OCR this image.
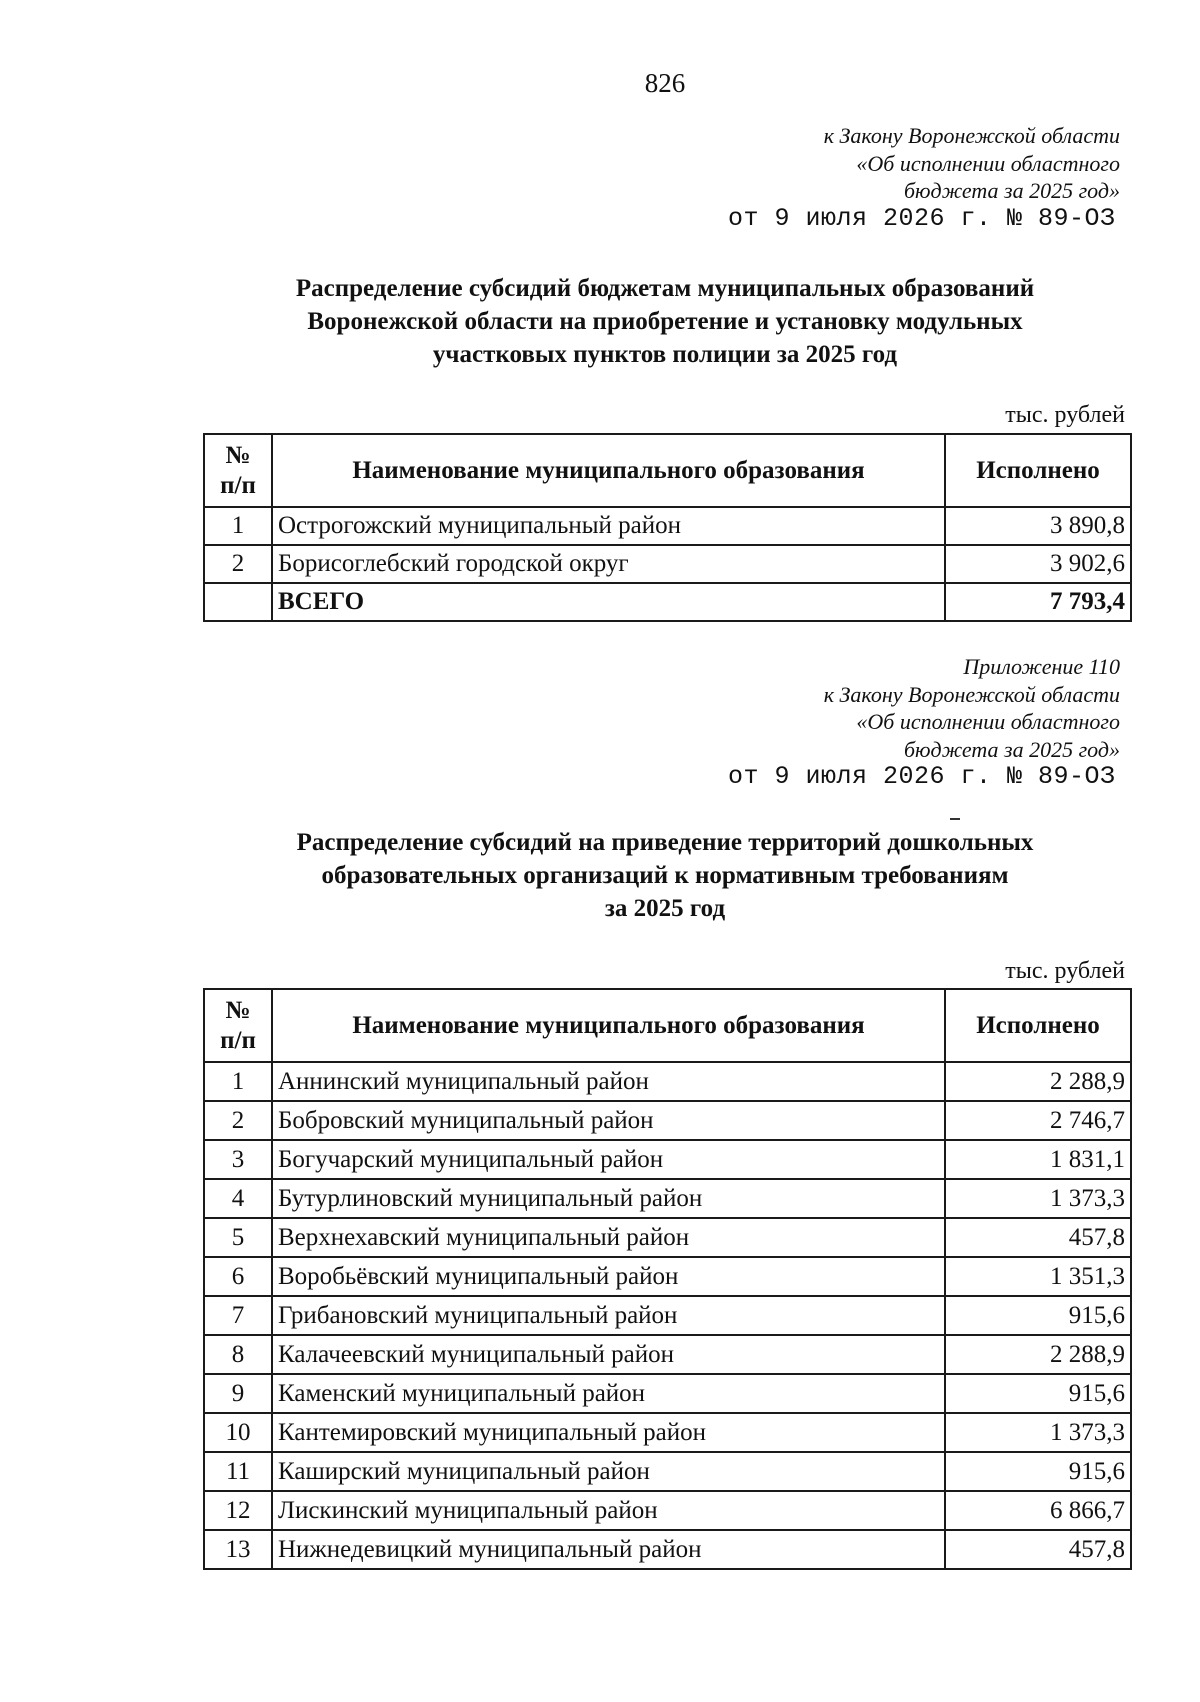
826
к Закону Воронежской области
«Об исполнении областного
бюджета за 2025 год»
от 9 июля 2026 г. № 89-ОЗ
Распределение субсидий бюджетам муниципальных образований
Воронежской области на приобретение и установку модульных
участковых пунктов полиции за 2025 год
тыс. рублей
№
п/п	Наименование муниципального образования	Исполнено
1	Острогожский муниципальный район	3 890,8
2	Борисоглебский городской округ	3 902,6
	ВСЕГО	7 793,4
Приложение 110
к Закону Воронежской области
«Об исполнении областного
бюджета за 2025 год»
от 9 июля 2026 г. № 89-ОЗ
Распределение субсидий на приведение территорий дошкольных
образовательных организаций к нормативным требованиям
за 2025 год
тыс. рублей
№
п/п	Наименование муниципального образования	Исполнено
1	Аннинский муниципальный район	2 288,9
2	Бобровский муниципальный район	2 746,7
3	Богучарский муниципальный район	1 831,1
4	Бутурлиновский муниципальный район	1 373,3
5	Верхнехавский муниципальный район	457,8
6	Воробьёвский муниципальный район	1 351,3
7	Грибановский муниципальный район	915,6
8	Калачеевский муниципальный район	2 288,9
9	Каменский муниципальный район	915,6
10	Кантемировский муниципальный район	1 373,3
11	Каширский муниципальный район	915,6
12	Лискинский муниципальный район	6 866,7
13	Нижнедевицкий муниципальный район	457,8
